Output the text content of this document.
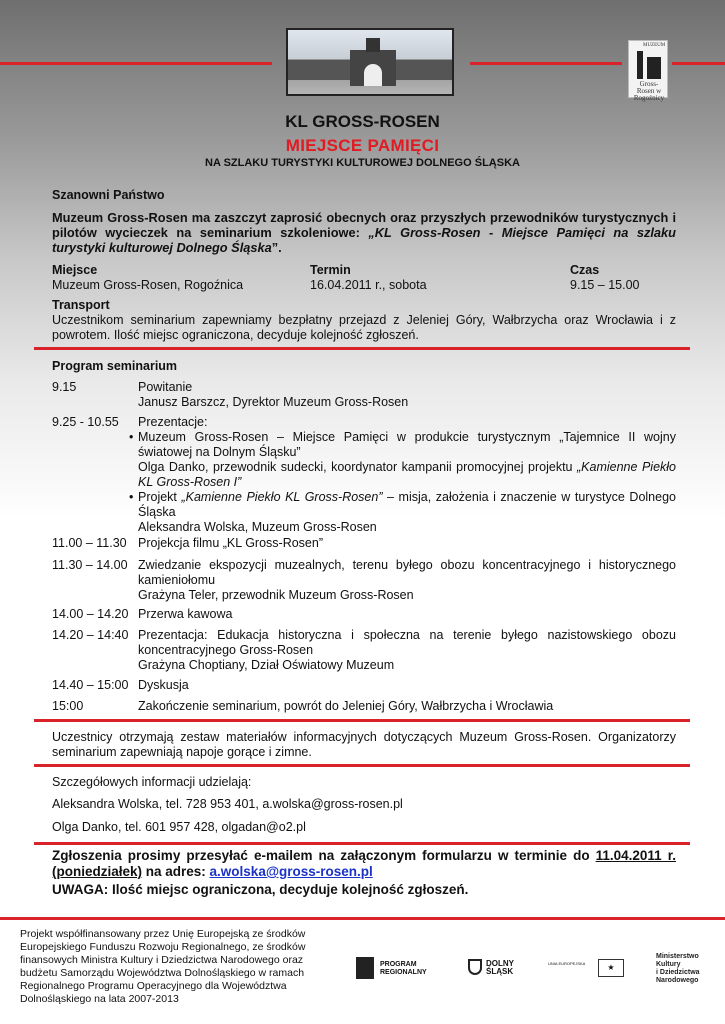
MUZEUM
Gross-Rosen w Rogoźnicy
KL GROSS-ROSEN
MIEJSCE PAMIĘCI
NA SZLAKU TURYSTYKI KULTUROWEJ DOLNEGO ŚLĄSKA
Szanowni Państwo

Muzeum Gross-Rosen ma zaszczyt zaprosić obecnych oraz przyszłych przewodników turystycznych i pilotów wycieczek na seminarium szkoleniowe: „KL Gross-Rosen - Miejsce Pamięci na szlaku turystyki kulturowej Dolnego Śląska”.

Miejsce
Muzeum Gross-Rosen, Rogoźnica
Termin
16.04.2011 r., sobota
Czas
9.15 – 15.00
Transport

Uczestnikom seminarium zapewniamy bezpłatny przejazd z Jeleniej Góry, Wałbrzycha oraz Wrocławia i z powrotem. Ilość miejsc ograniczona, decyduje kolejność zgłoszeń.

Program seminarium
9.15	Powitanie

Janusz Barszcz, Dyrektor Muzeum Gross-Rosen

9.25 - 10.55 Prezentacje:

• Muzeum Gross-Rosen – Miejsce Pamięci w produkcie turystycznym „Tajemnice II wojny światowej na Dolnym Śląsku”

Olga Danko, przewodnik sudecki, koordynator kampanii promocyjnej projektu „Kamienne Piekło KL Gross-Rosen I”

• Projekt „Kamienne Piekło KL Gross-Rosen” – misja, założenia i znaczenie w turystyce Dolnego Śląska

Aleksandra Wolska, Muzeum Gross-Rosen

11.00 – 11.30 Projekcja filmu „KL Gross-Rosen”

11.30 – 14.00 Zwiedzanie ekspozycji muzealnych, terenu byłego obozu koncentracyjnego i historycznego kamieniołomu

Grażyna Teler, przewodnik Muzeum Gross-Rosen

14.00 – 14.20 Przerwa kawowa

14.20 – 14:40 Prezentacja: Edukacja historyczna i społeczna na terenie byłego nazistowskiego obozu koncentracyjnego Gross-Rosen

Grażyna Choptiany, Dział Oświatowy Muzeum

14.40 – 15:00 Dyskusja

15:00	Zakończenie seminarium, powrót do Jeleniej Góry, Wałbrzycha i Wrocławia

Uczestnicy otrzymają zestaw materiałów informacyjnych dotyczących Muzeum Gross-Rosen. Organizatorzy seminarium zapewniają napoje gorące i zimne.

Szczegółowych informacji udzielają:

Aleksandra Wolska, tel. 728 953 401, a.wolska@gross-rosen.pl

Olga Danko, tel. 601 957 428, olgadan@o2.pl

Zgłoszenia prosimy przesyłać e-mailem na załączonym formularzu w terminie do 11.04.2011 r. (poniedziałek) na adres: a.wolska@gross-rosen.pl

UWAGA: Ilość miejsc ograniczona, decyduje kolejność zgłoszeń.

Projekt współfinansowany przez Unię Europejską ze środków Europejskiego Funduszu Rozwoju Regionalnego, ze środków finansowych Ministra Kultury i Dziedzictwa Narodowego oraz budżetu Samorządu Województwa Dolnośląskiego w ramach Regionalnego Programu Operacyjnego dla Województwa Dolnośląskiego na lata 2007-2013
PROGRAM
REGIONALNY
DOLNY
ŚLĄSK
UNIA EUROPEJSKA	★
Ministerstwo
Kultury
i Dziedzictwa
Narodowego
